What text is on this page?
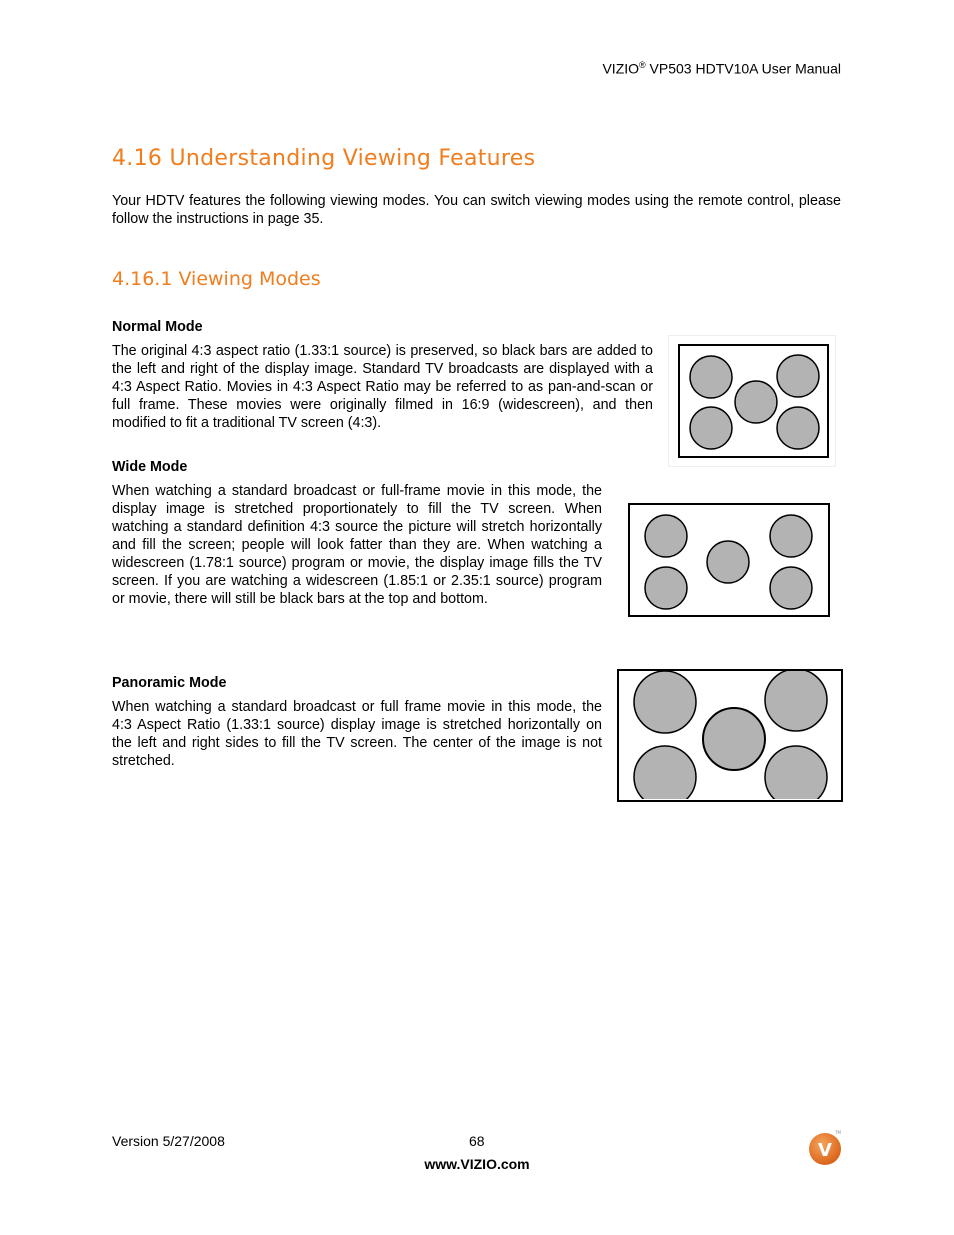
VIZIO® VP503 HDTV10A User Manual
4.16 Understanding Viewing Features
Your HDTV features the following viewing modes. You can switch viewing modes using the remote control, please follow the instructions in page 35.
4.16.1 Viewing Modes
Normal Mode
The original 4:3 aspect ratio (1.33:1 source) is preserved, so black bars are added to the left and right of the display image. Standard TV broadcasts are displayed with a 4:3 Aspect Ratio. Movies in 4:3 Aspect Ratio may be referred to as pan-and-scan or full frame. These movies were originally filmed in 16:9 (widescreen), and then modified to fit a traditional TV screen (4:3).
Wide Mode
When watching a standard broadcast or full-frame movie in this mode, the display image is stretched proportionately to fill the TV screen. When watching a standard definition 4:3 source the picture will stretch horizontally and fill the screen; people will look fatter than they are. When watching a widescreen (1.78:1 source) program or movie, the display image fills the TV screen. If you are watching a widescreen (1.85:1 or 2.35:1 source) program or movie, there will still be black bars at the top and bottom.
Panoramic Mode
When watching a standard broadcast or full frame movie in this mode, the 4:3 Aspect Ratio (1.33:1 source) display image is stretched horizontally on the left and right sides to fill the TV screen. The center of the image is not stretched.
Version 5/27/2008	68
www.VIZIO.com
V
TM
